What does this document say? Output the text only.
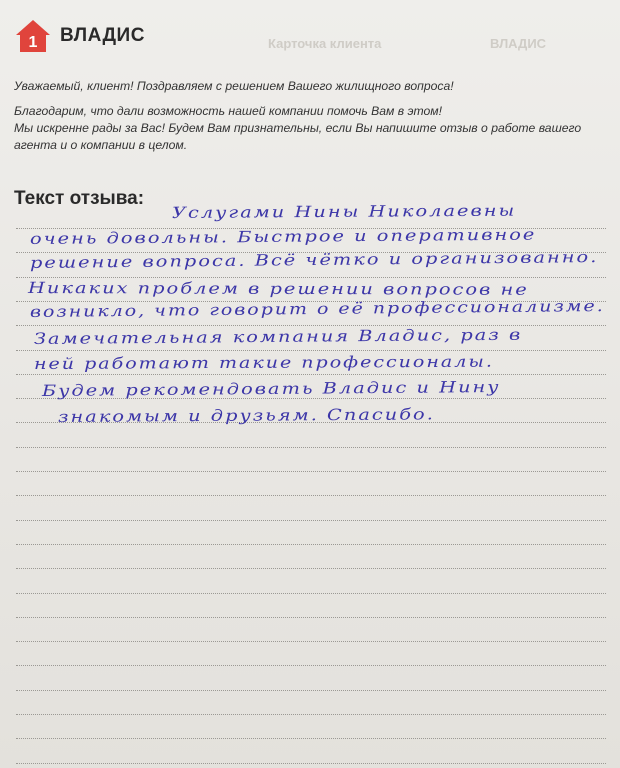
1 ВЛАДИС	Карточка клиента	ВЛАДИС

Уважаемый, клиент! Поздравляем с решением Вашего жилищного вопроса!

Благодарим, что дали возможность нашей компании помочь Вам в этом!

Мы искренне рады за Вас! Будем Вам признательны, если Вы напишите отзыв о работе вашего агента и о компании в целом.

Текст отзыва:
Услугами Нины Николаевны
очень довольны. Быстрое и оперативное
решение вопроса. Всё чётко и организованно.
Никаких проблем в решении вопросов не
возникло, что говорит о её профессионализме.
Замечательная компания Владис, раз в
ней работают такие профессионалы.
Будем рекомендовать Владис и Нину
знакомым и друзьям. Спасибо.
